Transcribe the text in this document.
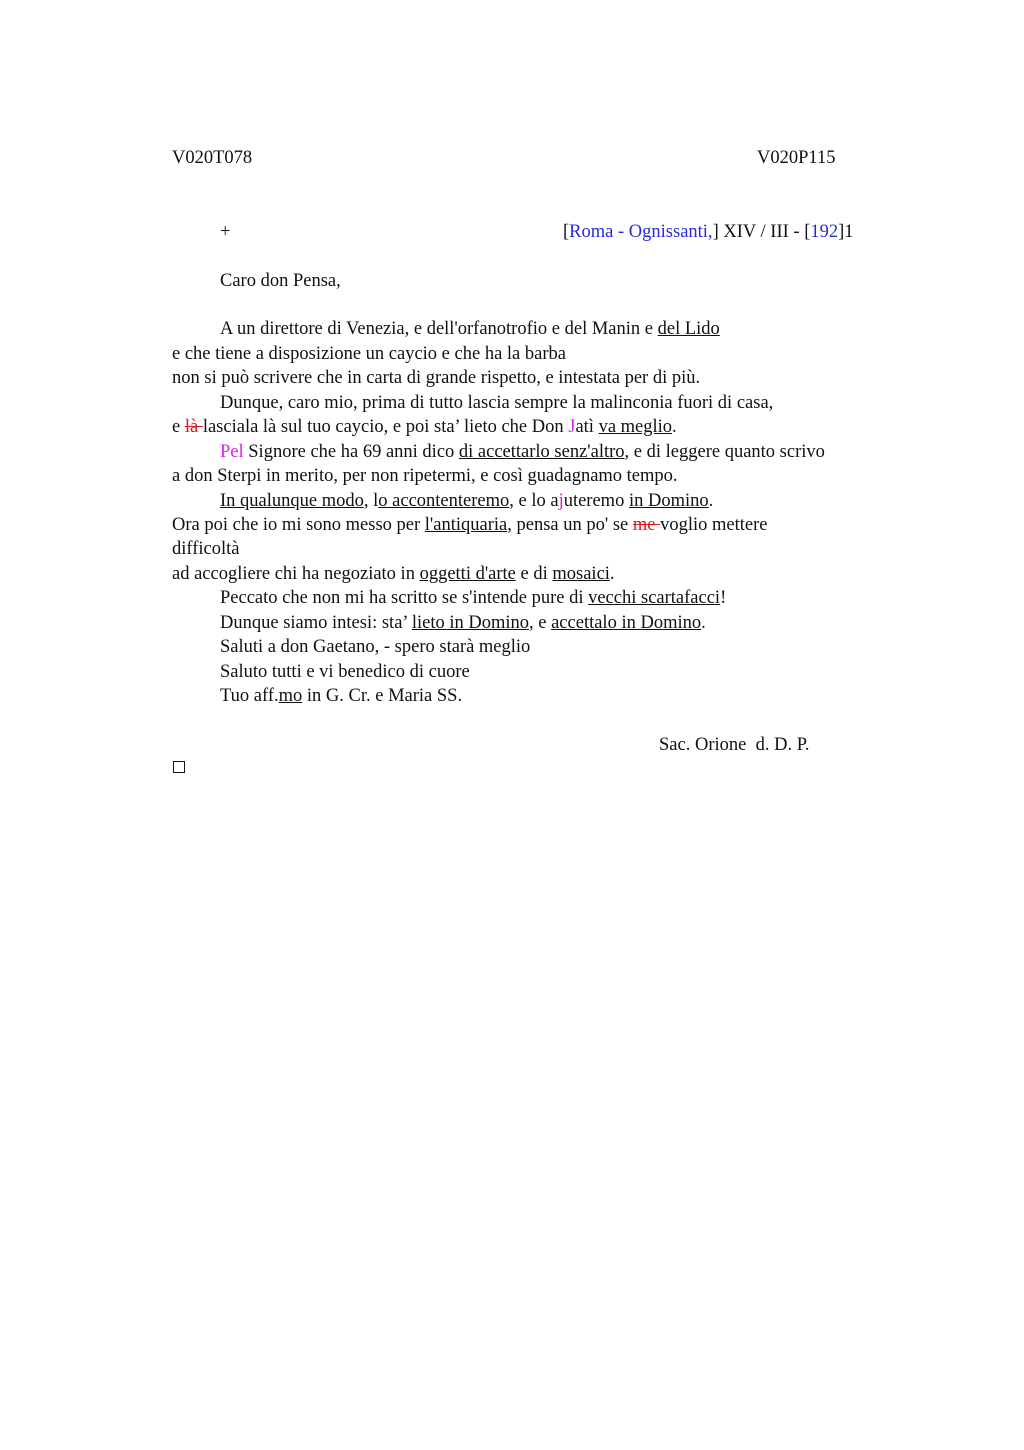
V020T078	V020P115
+	[Roma - Ognissanti,] XIV / III - [192]1
Caro don Pensa,
A un direttore di Venezia, e dell'orfanotrofio e del Manin e del Lido
e che tiene a disposizione un caycio e che ha la barba
non si può scrivere che in carta di grande rispetto, e intestata per di più.
Dunque, caro mio, prima di tutto lascia sempre la malinconia fuori di casa,
e là lasciala là sul tuo caycio, e poi sta’ lieto che Don Jatì va meglio.
Pel Signore che ha 69 anni dico di accettarlo senz'altro, e di leggere quanto scrivo
a don Sterpi in merito, per non ripetermi, e così guadagnamo tempo.
In qualunque modo, lo accontenteremo, e lo ajuteremo in Domino.
Ora poi che io mi sono messo per l'antiquaria, pensa un po' se me voglio mettere
difficoltà
ad accogliere chi ha negoziato in oggetti d'arte e di mosaici.
Peccato che non mi ha scritto se s'intende pure di vecchi scartafacci!
Dunque siamo intesi: sta’ lieto in Domino, e accettalo in Domino.
Saluti a don Gaetano, - spero starà meglio
Saluto tutti e vi benedico di cuore
Tuo aff.mo in G. Cr. e Maria SS.
Sac. Orione  d. D. P.
